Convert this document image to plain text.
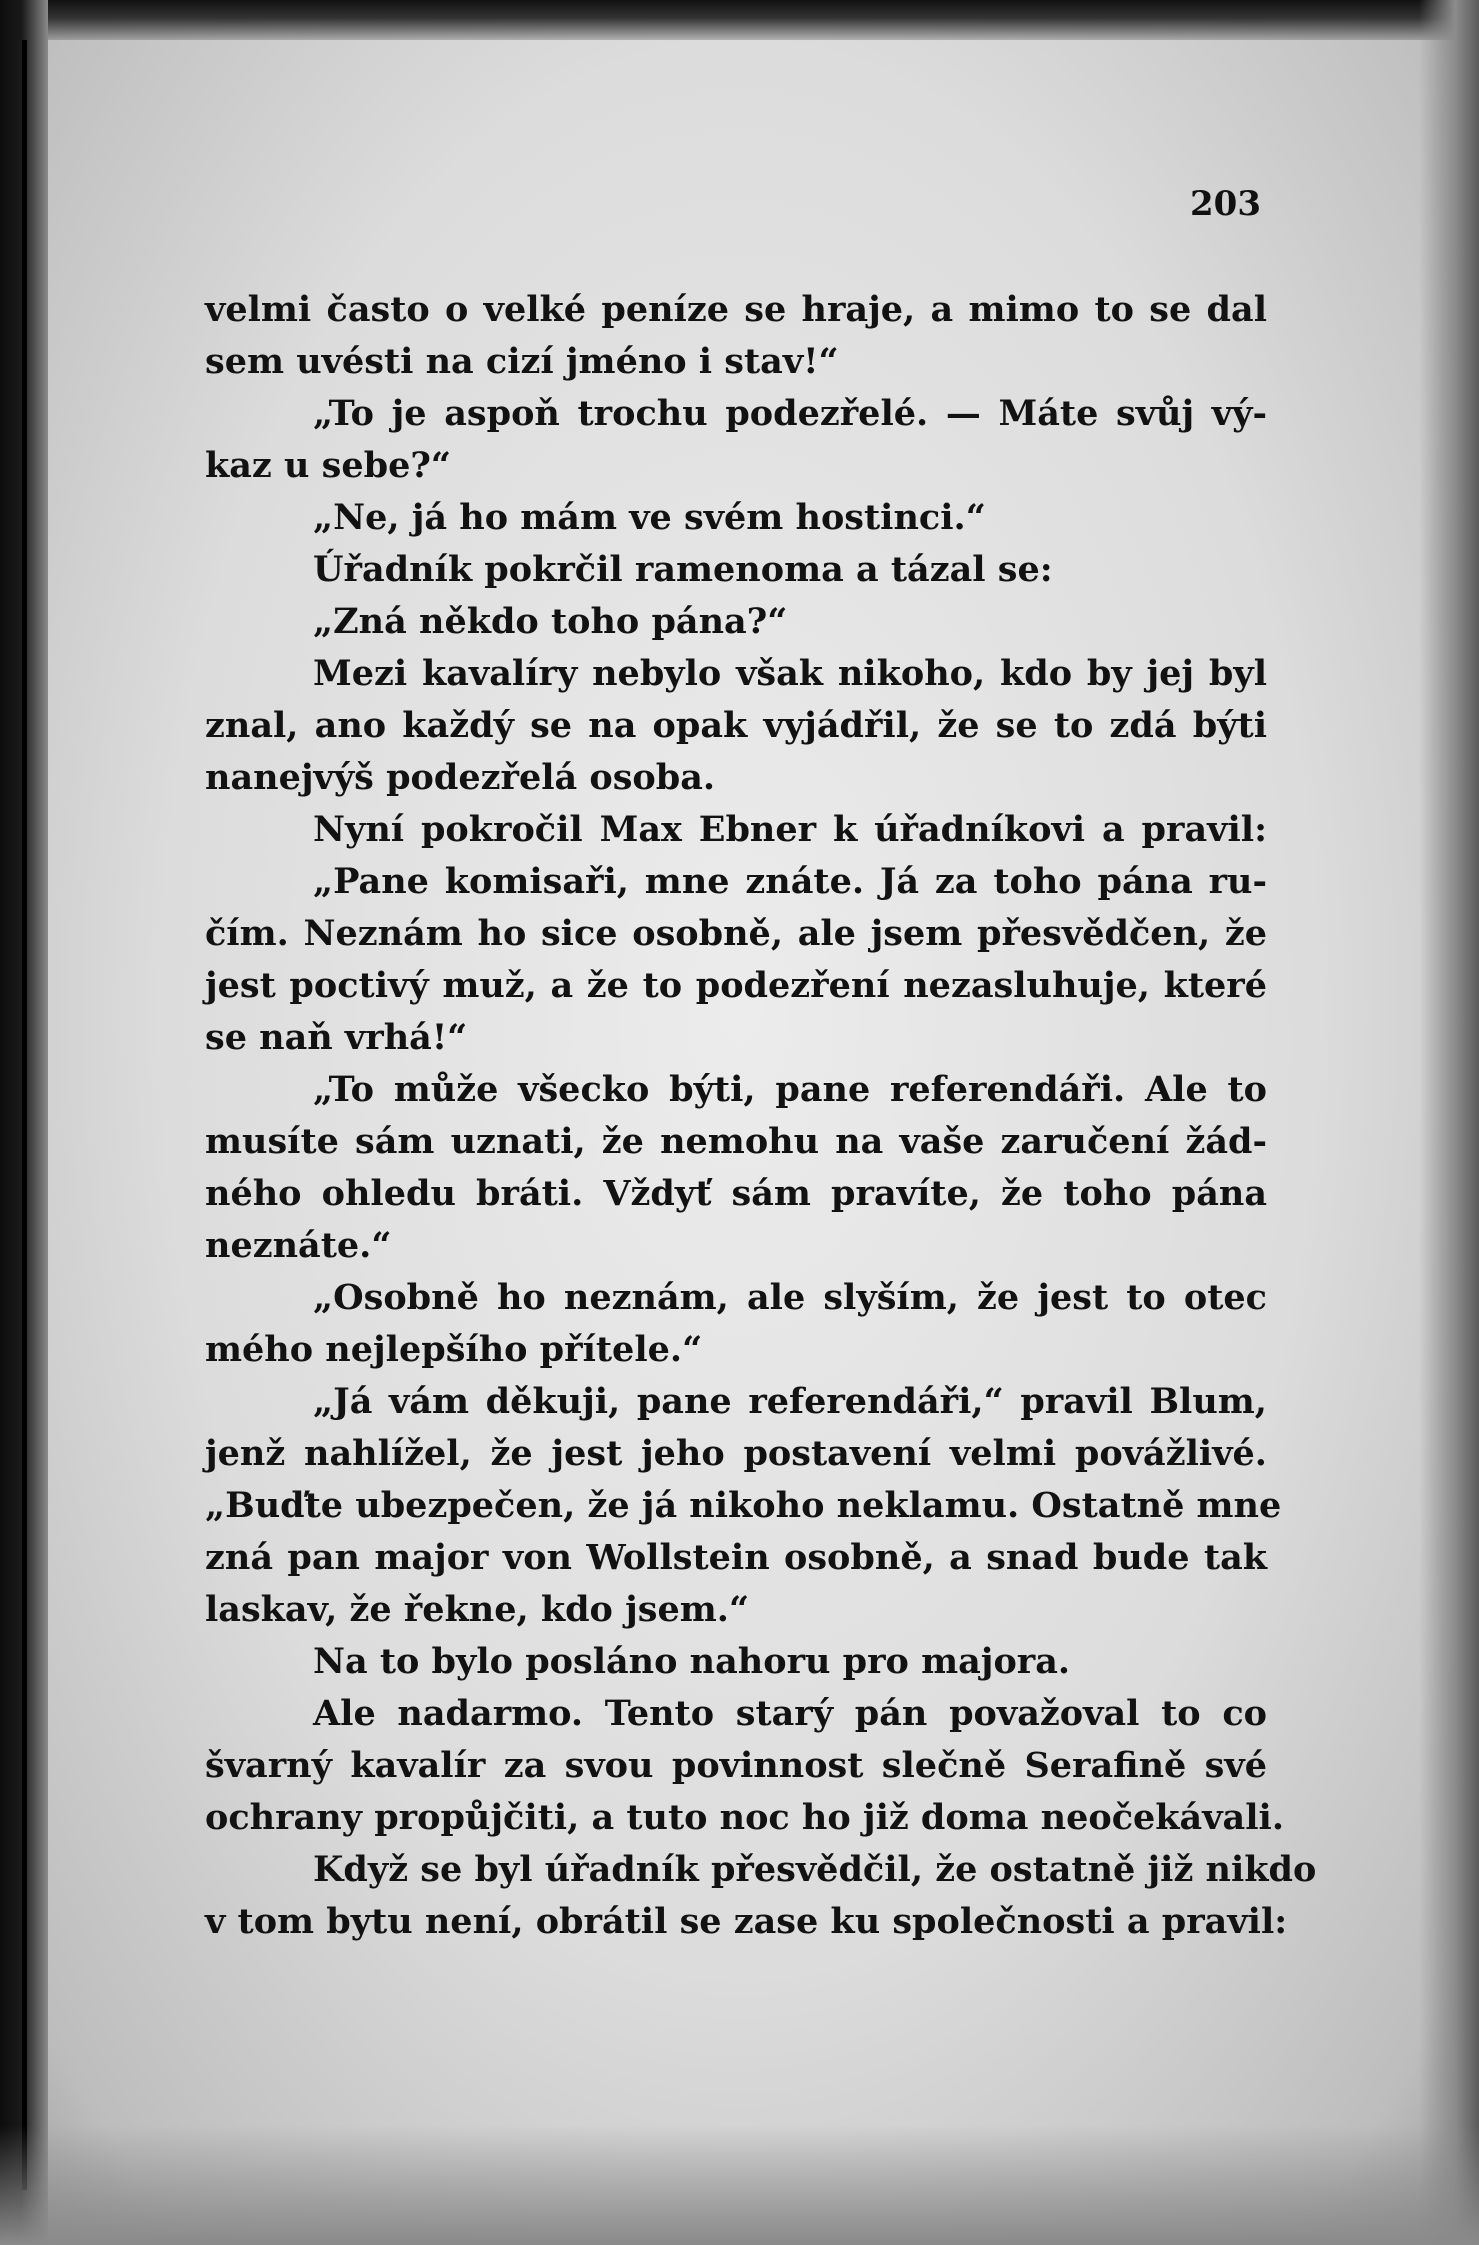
203
velmi často o velké peníze se hraje, a mimo to se dal
sem uvésti na cizí jméno i stav!“
„To je aspoň trochu podezřelé. — Máte svůj vý-
kaz u sebe?“
„Ne, já ho mám ve svém hostinci.“
Úřadník pokrčil ramenoma a tázal se:
„Zná někdo toho pána?“
Mezi kavalíry nebylo však nikoho, kdo by jej byl
znal, ano každý se na opak vyjádřil, že se to zdá býti
nanejvýš podezřelá osoba.
Nyní pokročil Max Ebner k úřadníkovi a pravil:
„Pane komisaři, mne znáte. Já za toho pána ru-
čím. Neznám ho sice osobně, ale jsem přesvědčen, že
jest poctivý muž, a že to podezření nezasluhuje, které
se naň vrhá!“
„To může všecko býti, pane referendáři. Ale to
musíte sám uznati, že nemohu na vaše zaručení žád-
ného ohledu bráti. Vždyť sám pravíte, že toho pána
neznáte.“
„Osobně ho neznám, ale slyším, že jest to otec
mého nejlepšího přítele.“
„Já vám děkuji, pane referendáři,“ pravil Blum,
jenž nahlížel, že jest jeho postavení velmi povážlivé.
„Buďte ubezpečen, že já nikoho neklamu. Ostatně mne
zná pan major von Wollstein osobně, a snad bude tak
laskav, že řekne, kdo jsem.“
Na to bylo posláno nahoru pro majora.
Ale nadarmo. Tento starý pán považoval to co
švarný kavalír za svou povinnost slečně Serafině své
ochrany propůjčiti, a tuto noc ho již doma neočekávali.
Když se byl úřadník přesvědčil, že ostatně již nikdo
v tom bytu není, obrátil se zase ku společnosti a pravil:
